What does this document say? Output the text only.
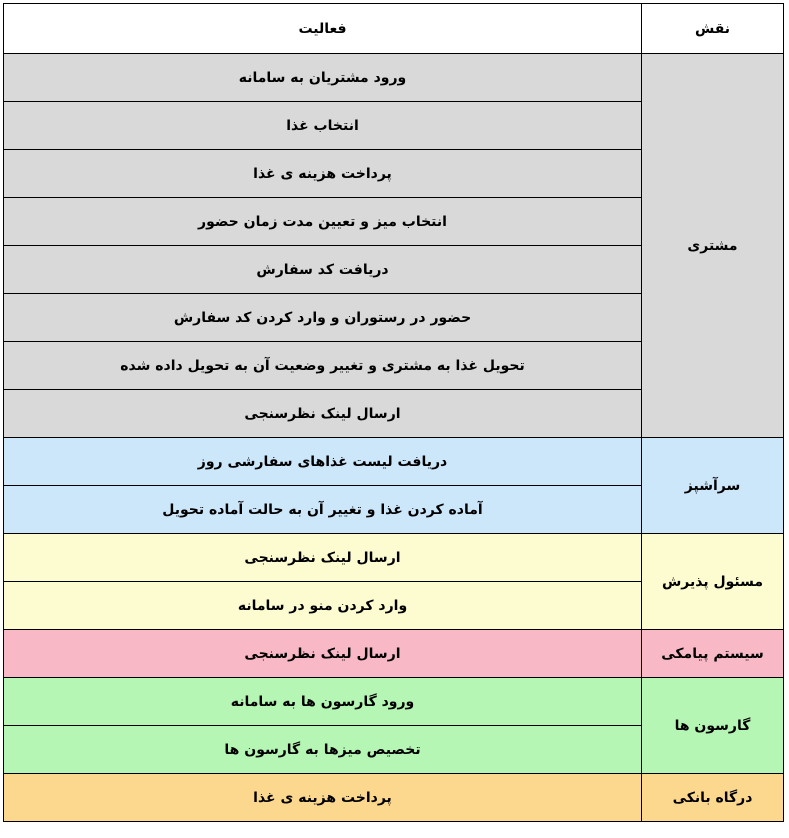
نقش	فعالیت
مشتری	ورود مشتریان به سامانه
	انتخاب غذا
	پرداخت هزینه ی غذا
	انتخاب میز و تعیین مدت زمان حضور
	دریافت کد سفارش
	حضور در رستوران و وارد کردن کد سفارش
	تحویل غذا به مشتری و تغییر وضعیت آن به تحویل داده شده
	ارسال لینک نظرسنجی
سرآشپز	دریافت لیست غذاهای سفارشی روز
	آماده کردن غذا و تغییر آن به حالت آماده تحویل
مسئول پذیرش	ارسال لینک نظرسنجی
	وارد کردن منو در سامانه
سیستم پیامکی	ارسال لینک نظرسنجی
گارسون ها	ورود گارسون ها به سامانه
	تخصیص میزها به گارسون ها
درگاه بانکی	پرداخت هزینه ی غذا
